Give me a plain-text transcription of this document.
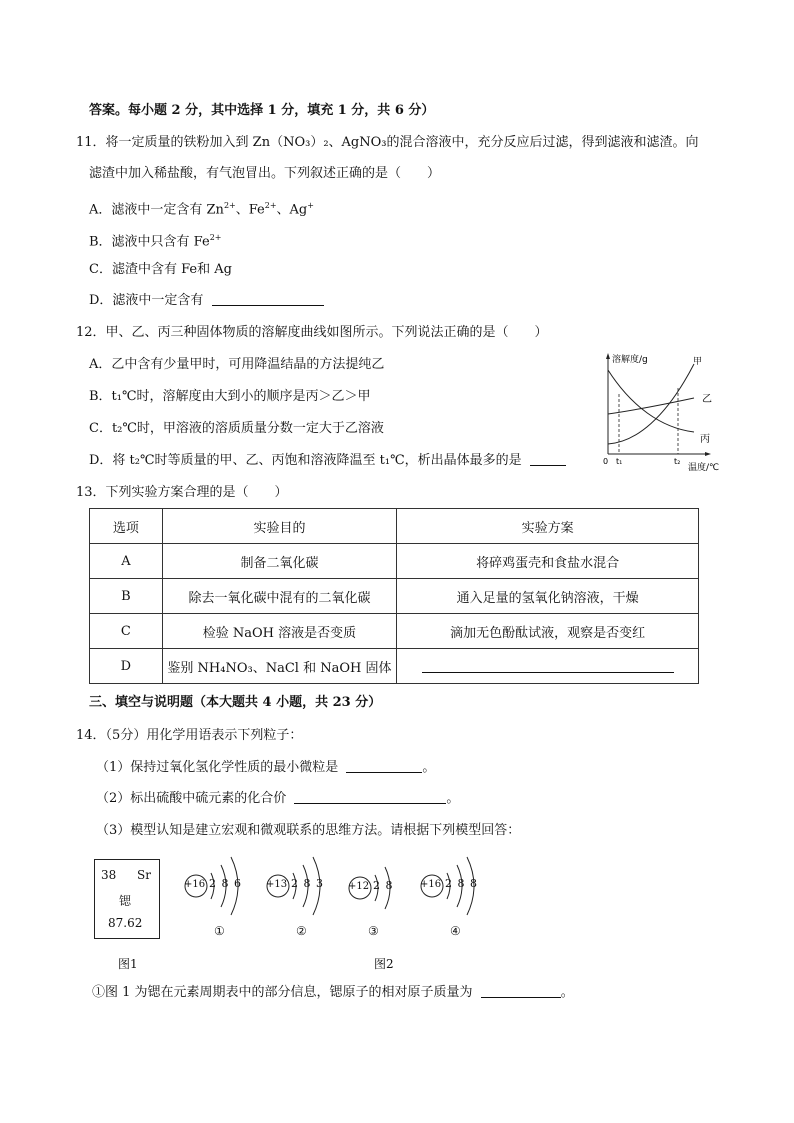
答案。每小题 2 分，其中选择 1 分，填充 1 分，共 6 分）
11．将一定质量的铁粉加入到 Zn（NO₃）₂、AgNO₃的混合溶液中，充分反应后过滤，得到滤液和滤渣。向
滤渣中加入稀盐酸，有气泡冒出。下列叙述正确的是（　　）
A．滤液中一定含有 $Zn^{2+}$、$Fe^{2+}$、Ag+
B．滤液中只含有 $Fe^{2+}$
C．滤渣中含有 Fe和 Ag
D．滤液中一定含有
12．甲、乙、丙三种固体物质的溶解度曲线如图所示。下列说法正确的是（　　）
A．乙中含有少量甲时，可用降温结晶的方法提纯乙
B．t₁℃时，溶解度由大到小的顺序是丙＞乙＞甲
C．t₂℃时，甲溶液的溶质质量分数一定大于乙溶液
D．将 t₂℃时等质量的甲、乙、丙饱和溶液降温至 t₁℃，析出晶体最多的是
溶解度/g
温度/℃
0 t₁	t₂
甲
乙
丙
13．下列实验方案合理的是（　　）
选项	实验目的	实验方案
A	制备二氧化碳	将碎鸡蛋壳和食盐水混合
B	除去一氧化碳中混有的二氧化碳	通入足量的氢氧化钠溶液，干燥
C	检验 NaOH 溶液是否变质	滴加无色酚酞试液，观察是否变红
D	鉴别 NH₄NO₃、NaCl 和 NaOH 固体	
三、填空与说明题（本大题共 4 小题，共 23 分）
14．（5分）用化学用语表示下列粒子：
（1）保持过氧化氢化学性质的最小微粒是	。
（2）标出硫酸中硫元素的化合价	。
（3）模型认知是建立宏观和微观联系的思维方法。请根据下列模型回答：
38 Sr
锶
87.62
图1
+16 2 8 6
①
+13 2 8 3
②
+12 2 8
③
+16 2 8 8
④
图2
①图 1 为锶在元素周期表中的部分信息，锶原子的相对原子质量为	。
